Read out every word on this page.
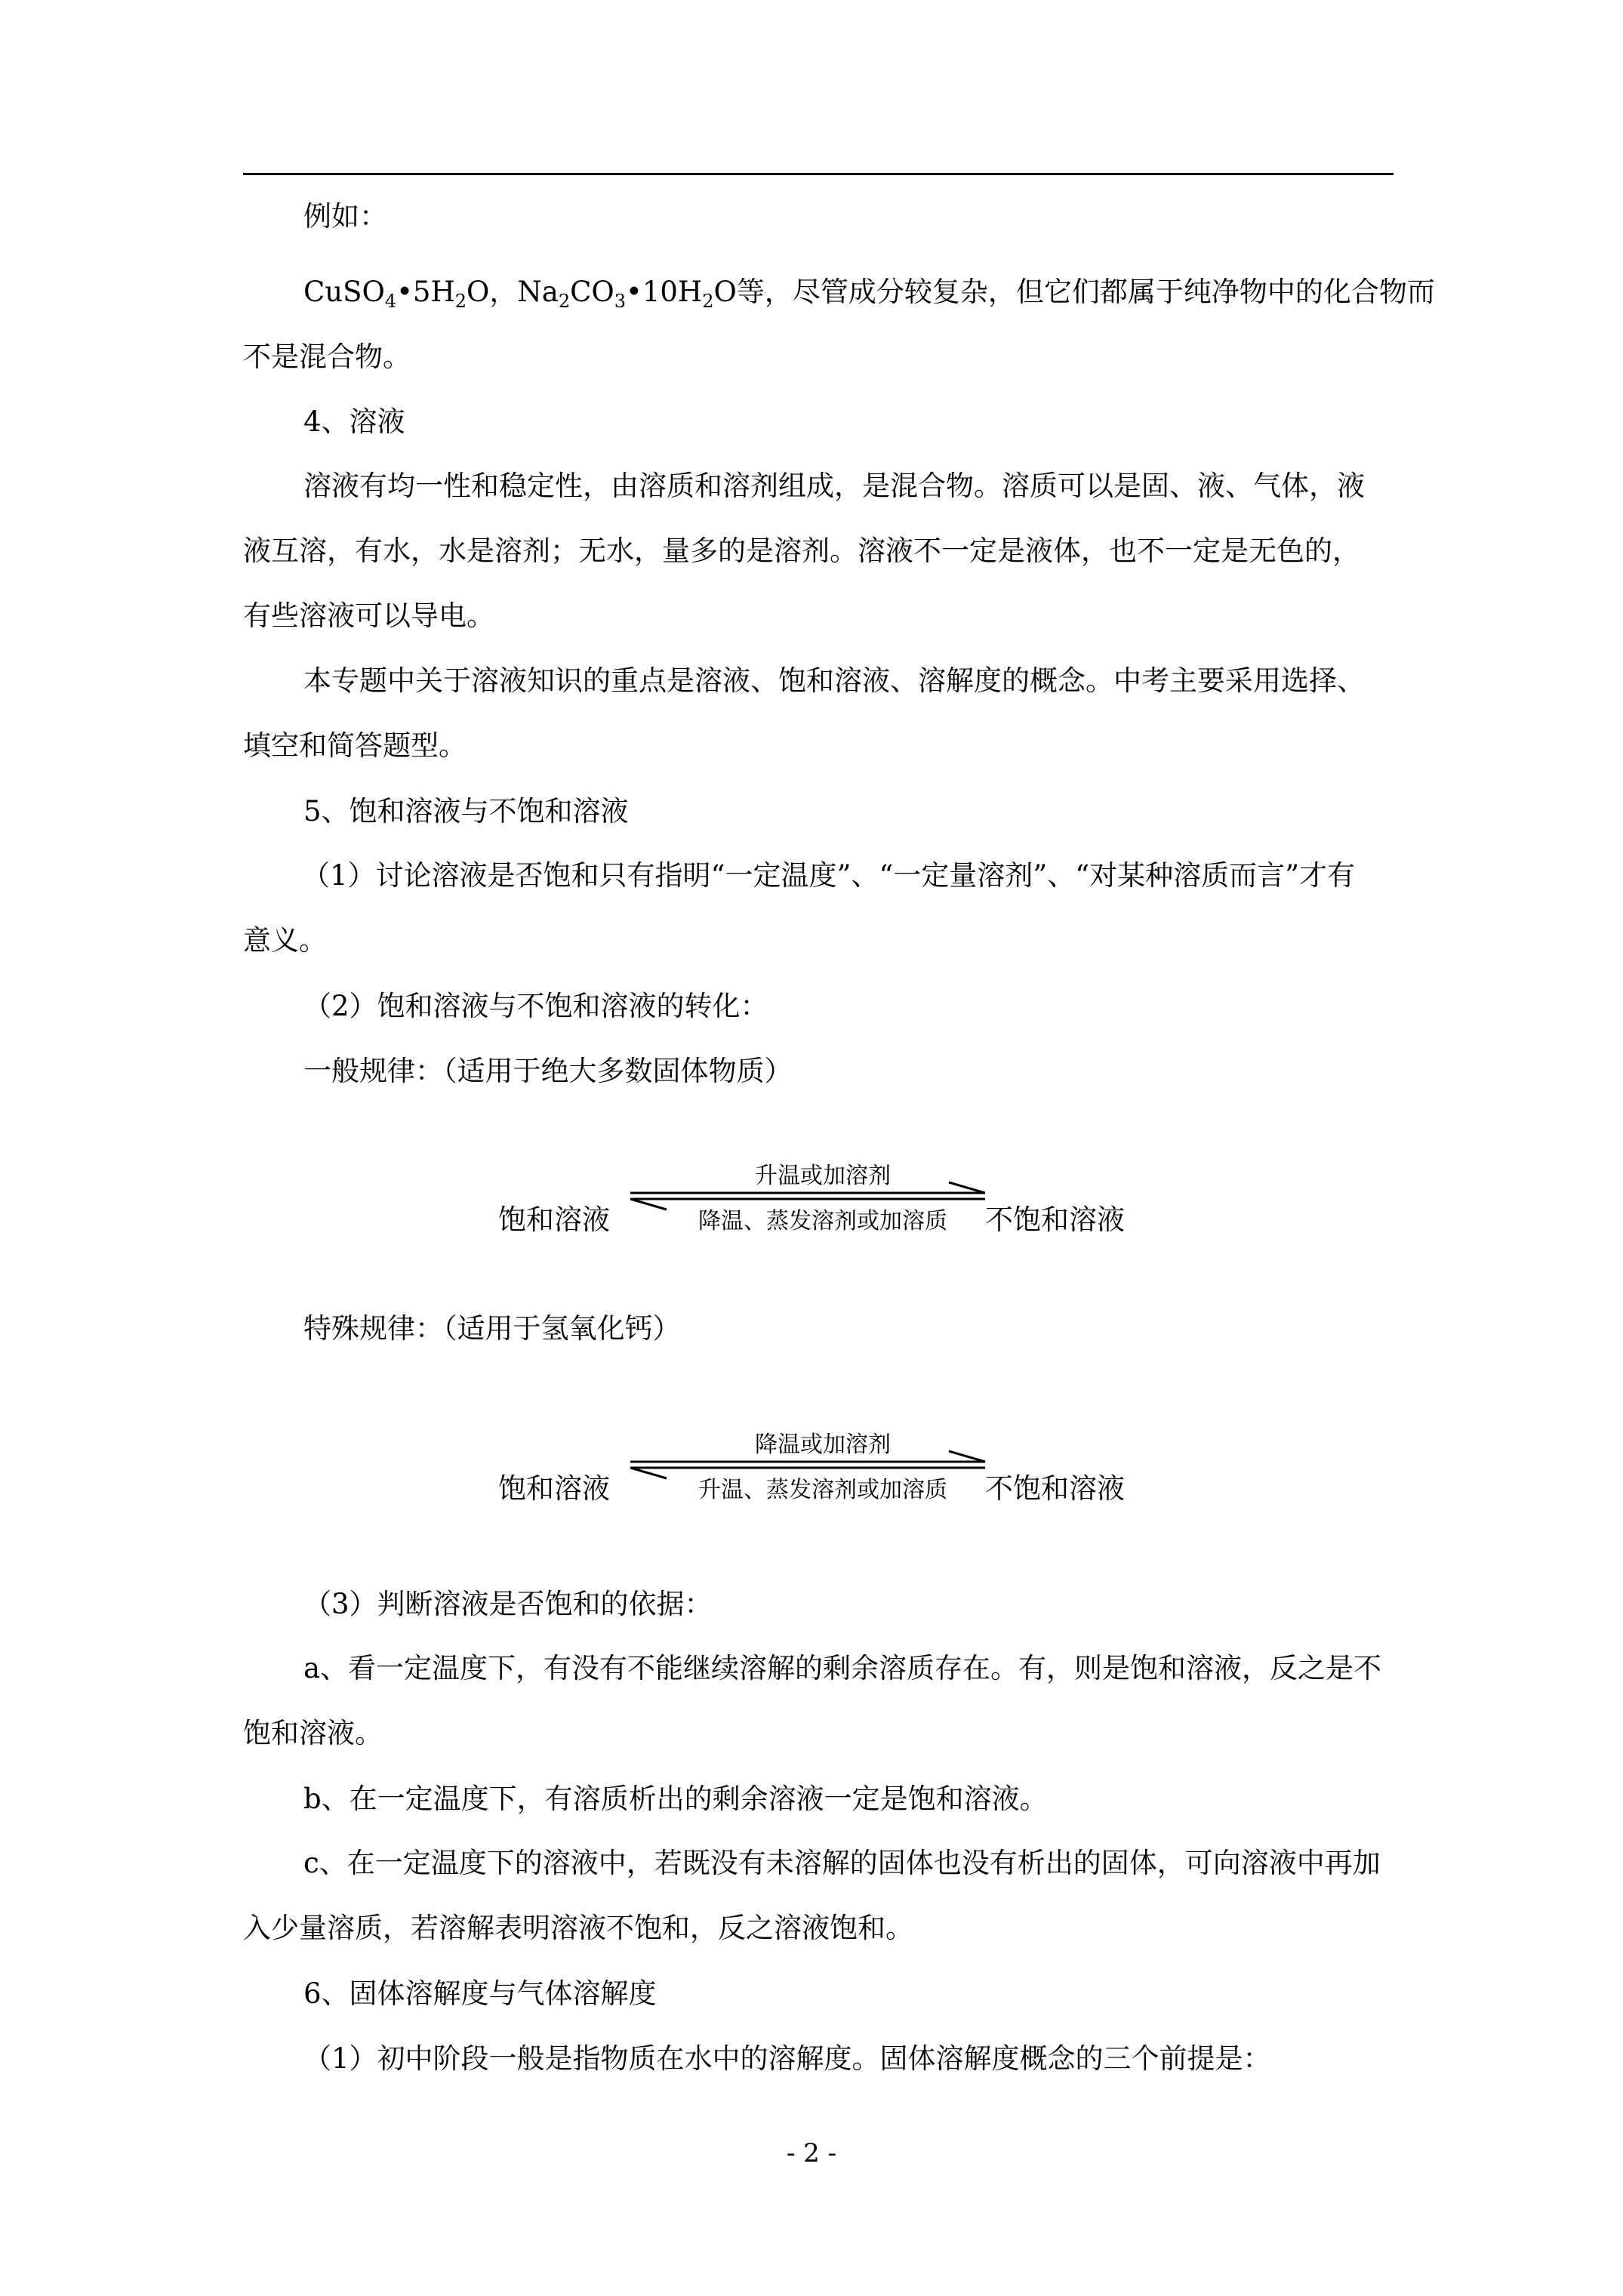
例如：

$CuSO_4•5H_2O$，$Na_2CO_3•10H_2O$等，尽管成分较复杂，但它们都属于纯净物中的化合物而

不是混合物。

4、溶液

溶液有均一性和稳定性，由溶质和溶剂组成，是混合物。溶质可以是固、液、气体，液液互溶，有水，水是溶剂；无水，量多的是溶剂。溶液不一定是液体，也不一定是无色的，有些溶液可以导电。

本专题中关于溶液知识的重点是溶液、饱和溶液、溶解度的概念。中考主要采用选择、填空和简答题型。

5、饱和溶液与不饱和溶液

（1）讨论溶液是否饱和只有指明“一定温度”、“一定量溶剂”、“对某种溶质而言”才有意义。

（2）饱和溶液与不饱和溶液的转化：

一般规律：（适用于绝大多数固体物质）

升温或加溶剂
降温、蒸发溶剂或加溶质
饱和溶液	不饱和溶液

特殊规律：（适用于氢氧化钙）

降温或加溶剂
升温、蒸发溶剂或加溶质
饱和溶液	不饱和溶液

（3）判断溶液是否饱和的依据：

a、看一定温度下，有没有不能继续溶解的剩余溶质存在。有，则是饱和溶液，反之是不饱和溶液。

b、在一定温度下，有溶质析出的剩余溶液一定是饱和溶液。

c、在一定温度下的溶液中，若既没有未溶解的固体也没有析出的固体，可向溶液中再加入少量溶质，若溶解表明溶液不饱和，反之溶液饱和。

6、固体溶解度与气体溶解度

（1）初中阶段一般是指物质在水中的溶解度。固体溶解度概念的三个前提是：

- 2 -
